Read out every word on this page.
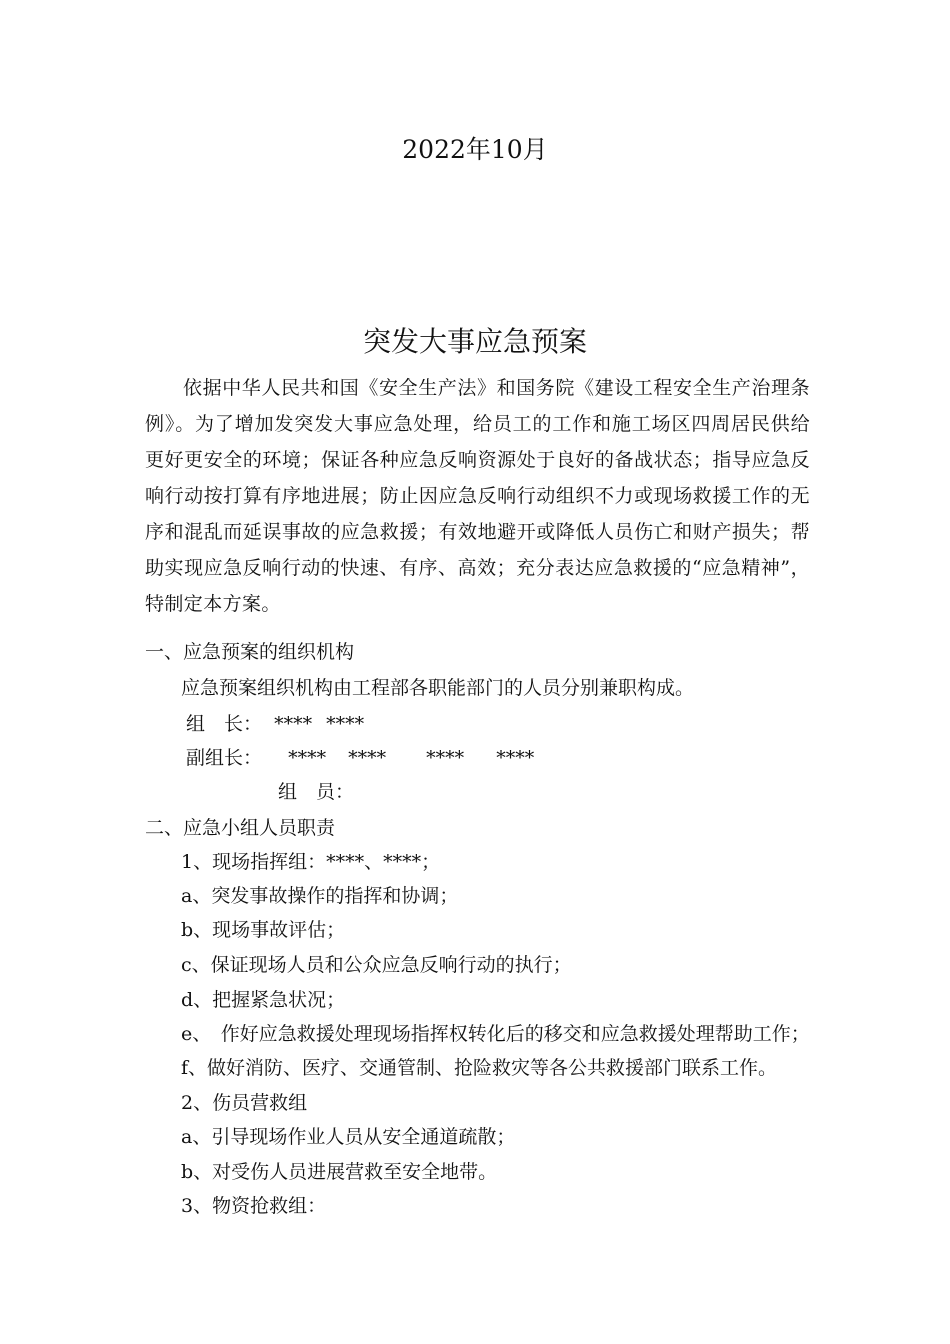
2022年10月
突发大事应急预案

依据中华人民共和国《安全生产法》和国务院《建设工程安全生产治理条例》。为了增加发突发大事应急处理，给员工的工作和施工场区四周居民供给更好更安全的环境；保证各种应急反响资源处于良好的备战状态；指导应急反响行动按打算有序地进展；防止因应急反响行动组织不力或现场救援工作的无序和混乱而延误事故的应急救援；有效地避开或降低人员伤亡和财产损失；帮助实现应急反响行动的快速、有序、高效；充分表达应急救援的“应急精神”，特制定本方案。

一、应急预案的组织机构
应急预案组织机构由工程部各职能部门的人员分别兼职构成。
组　长： **** ****
副组长： **** **** **** ****
组　员：
二、应急小组人员职责
1、现场指挥组：****、****；
a、突发事故操作的指挥和协调；
b、现场事故评估；
c、保证现场人员和公众应急反响行动的执行；
d、把握紧急状况；
e、　作好应急救援处理现场指挥权转化后的移交和应急救援处理帮助工作；
f、做好消防、医疗、交通管制、抢险救灾等各公共救援部门联系工作。
2、伤员营救组
a、引导现场作业人员从安全通道疏散；
b、对受伤人员进展营救至安全地带。
3、物资抢救组：
